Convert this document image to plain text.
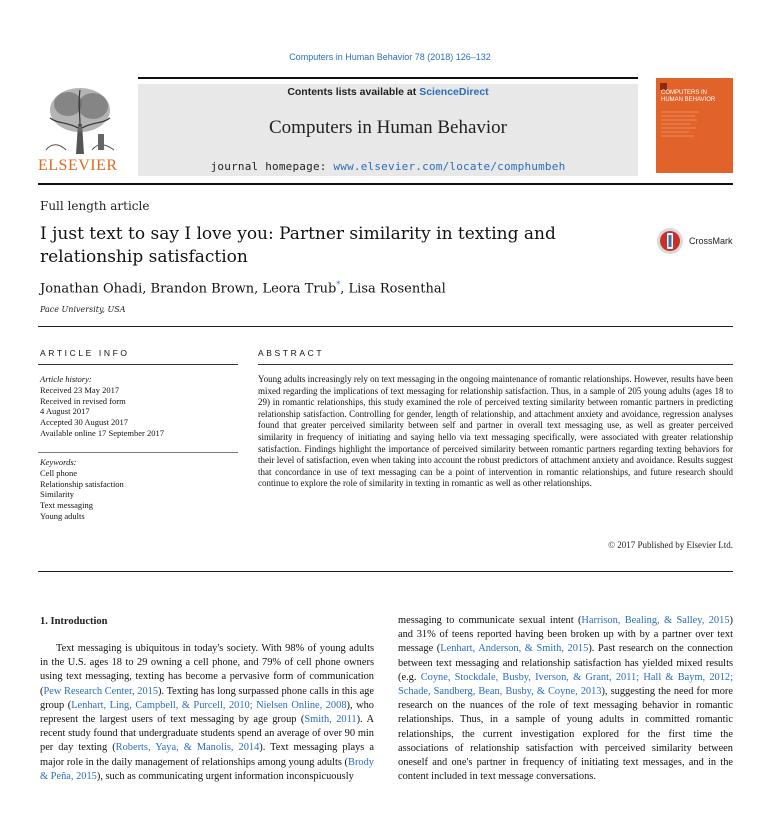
Computers in Human Behavior 78 (2018) 126–132
ELSEVIER
Contents lists available at ScienceDirect
Computers in Human Behavior
journal homepage: www.elsevier.com/locate/comphumbeh
COMPUTERS IN
HUMAN BEHAVIOR
Full length article
I just text to say I love you: Partner similarity in texting and
relationship satisfaction
CrossMark
Jonathan Ohadi, Brandon Brown, Leora Trub*, Lisa Rosenthal
Pace University, USA
ARTICLE INFO
Article history:
Received 23 May 2017
Received in revised form
4 August 2017
Accepted 30 August 2017
Available online 17 September 2017
Keywords:
Cell phone
Relationship satisfaction
Similarity
Text messaging
Young adults
ABSTRACT
Young adults increasingly rely on text messaging in the ongoing maintenance of romantic relationships. However, results have been mixed regarding the implications of text messaging for relationship satisfaction. Thus, in a sample of 205 young adults (ages 18 to 29) in romantic relationships, this study examined the role of perceived texting similarity between romantic partners in predicting relationship satisfaction. Controlling for gender, length of relationship, and attachment anxiety and avoidance, regression analyses found that greater perceived similarity between self and partner in overall text messaging use, as well as greater perceived similarity in frequency of initiating and saying hello via text messaging specifically, were associated with greater relationship satisfaction. Findings highlight the importance of perceived similarity between romantic partners regarding texting behaviors for their level of satisfaction, even when taking into account the robust predictors of attachment anxiety and avoidance. Results suggest that concordance in use of text messaging can be a point of intervention in romantic relationships, and future research should continue to explore the role of similarity in texting in romantic as well as other relationships.
© 2017 Published by Elsevier Ltd.
1. Introduction
Text messaging is ubiquitous in today's society. With 98% of young adults in the U.S. ages 18 to 29 owning a cell phone, and 79% of cell phone owners using text messaging, texting has become a pervasive form of communication (Pew Research Center, 2015). Texting has long surpassed phone calls in this age group (Lenhart, Ling, Campbell, & Purcell, 2010; Nielsen Online, 2008), who represent the largest users of text messaging by age group (Smith, 2011). A recent study found that undergraduate students spend an average of over 90 min per day texting (Roberts, Yaya, & Manolis, 2014). Text messaging plays a major role in the daily management of relationships among young adults (Brody & Peña, 2015), such as communicating urgent information inconspicuously
messaging to communicate sexual intent (Harrison, Bealing, & Salley, 2015) and 31% of teens reported having been broken up with by a partner over text message (Lenhart, Anderson, & Smith, 2015). Past research on the connection between text messaging and relationship satisfaction has yielded mixed results (e.g. Coyne, Stockdale, Busby, Iverson, & Grant, 2011; Hall & Baym, 2012; Schade, Sandberg, Bean, Busby, & Coyne, 2013), suggesting the need for more research on the nuances of the role of text messaging behavior in romantic relationships. Thus, in a sample of young adults in committed romantic relationships, the current investigation explored for the first time the associations of relationship satisfaction with perceived similarity between oneself and one's partner in frequency of initiating text messages, and in the content included in text message conversations.
